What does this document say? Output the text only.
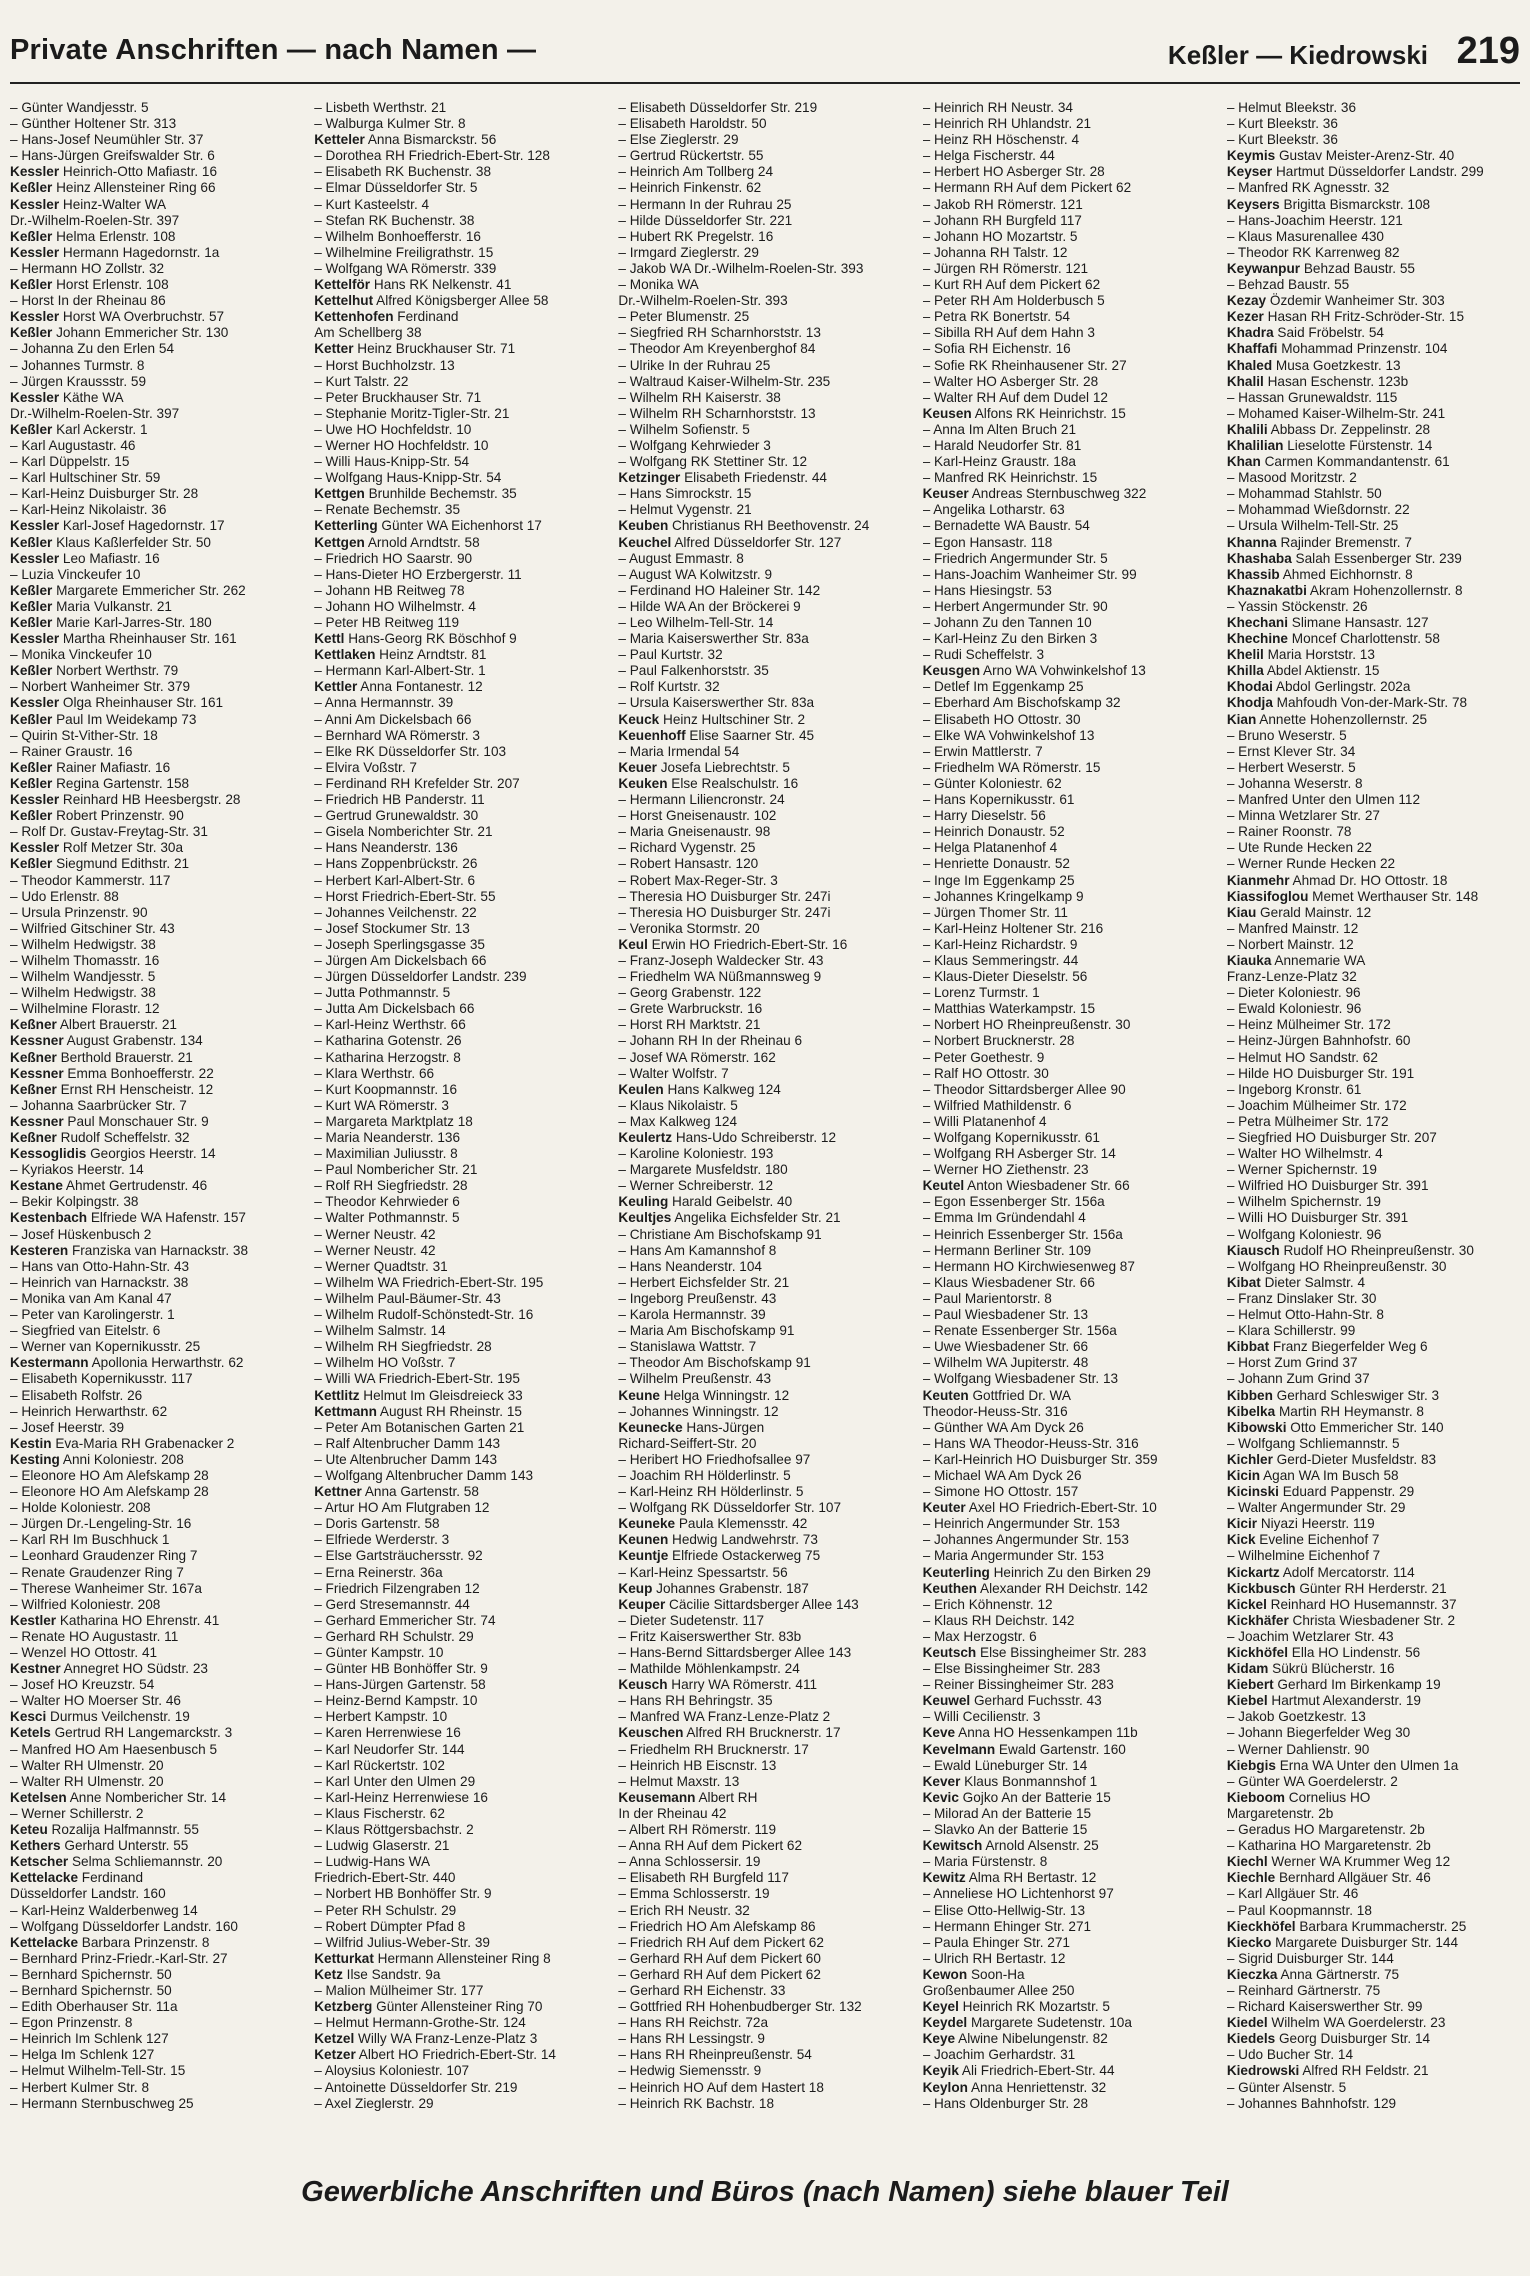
Private Anschriften — nach Namen —	Keßler — Kiedrowski 219
– Günter Wandjesstr. 5
– Günther Holtener Str. 313
– Hans-Josef Neumühler Str. 37
– Hans-Jürgen Greifswalder Str. 6
Kessler Heinrich-Otto Mafiastr. 16
Keßler Heinz Allensteiner Ring 66
Kessler Heinz-Walter WA
Dr.-Wilhelm-Roelen-Str. 397
Keßler Helma Erlenstr. 108
Kessler Hermann Hagedornstr. 1a
– Hermann HO Zollstr. 32
Keßler Horst Erlenstr. 108
– Horst In der Rheinau 86
Kessler Horst WA Overbruchstr. 57
Keßler Johann Emmericher Str. 130
– Johanna Zu den Erlen 54
– Johannes Turmstr. 8
– Jürgen Kraussstr. 59
Kessler Käthe WA
Dr.-Wilhelm-Roelen-Str. 397
Keßler Karl Ackerstr. 1
– Karl Augustastr. 46
– Karl Düppelstr. 15
– Karl Hultschiner Str. 59
– Karl-Heinz Duisburger Str. 28
– Karl-Heinz Nikolaistr. 36
Kessler Karl-Josef Hagedornstr. 17
Keßler Klaus Kaßlerfelder Str. 50
Kessler Leo Mafiastr. 16
– Luzia Vinckeufer 10
Keßler Margarete Emmericher Str. 262
Keßler Maria Vulkanstr. 21
Keßler Marie Karl-Jarres-Str. 180
Kessler Martha Rheinhauser Str. 161
– Monika Vinckeufer 10
Keßler Norbert Werthstr. 79
– Norbert Wanheimer Str. 379
Kessler Olga Rheinhauser Str. 161
Keßler Paul Im Weidekamp 73
– Quirin St-Vither-Str. 18
– Rainer Graustr. 16
Keßler Rainer Mafiastr. 16
Keßler Regina Gartenstr. 158
Kessler Reinhard HB Heesbergstr. 28
Keßler Robert Prinzenstr. 90
– Rolf Dr. Gustav-Freytag-Str. 31
Kessler Rolf Metzer Str. 30a
Keßler Siegmund Edithstr. 21
– Theodor Kammerstr. 117
– Udo Erlenstr. 88
– Ursula Prinzenstr. 90
– Wilfried Gitschiner Str. 43
– Wilhelm Hedwigstr. 38
– Wilhelm Thomasstr. 16
– Wilhelm Wandjesstr. 5
– Wilhelm Hedwigstr. 38
– Wilhelmine Florastr. 12
Keßner Albert Brauerstr. 21
Kessner August Grabenstr. 134
Keßner Berthold Brauerstr. 21
Kessner Emma Bonhoefferstr. 22
Keßner Ernst RH Henscheistr. 12
– Johanna Saarbrücker Str. 7
Kessner Paul Monschauer Str. 9
Keßner Rudolf Scheffelstr. 32
Kessoglidis Georgios Heerstr. 14
– Kyriakos Heerstr. 14
Kestane Ahmet Gertrudenstr. 46
– Bekir Kolpingstr. 38
Kestenbach Elfriede WA Hafenstr. 157
– Josef Hüskenbusch 2
Kesteren Franziska van Harnackstr. 38
– Hans van Otto-Hahn-Str. 43
– Heinrich van Harnackstr. 38
– Monika van Am Kanal 47
– Peter van Karolingerstr. 1
– Siegfried van Eitelstr. 6
– Werner van Kopernikusstr. 25
Kestermann Apollonia Herwarthstr. 62
– Elisabeth Kopernikusstr. 117
– Elisabeth Rolfstr. 26
– Heinrich Herwarthstr. 62
– Josef Heerstr. 39
Kestin Eva-Maria RH Grabenacker 2
Kesting Anni Koloniestr. 208
– Eleonore HO Am Alefskamp 28
– Eleonore HO Am Alefskamp 28
– Holde Koloniestr. 208
– Jürgen Dr.-Lengeling-Str. 16
– Karl RH Im Buschhuck 1
– Leonhard Graudenzer Ring 7
– Renate Graudenzer Ring 7
– Therese Wanheimer Str. 167a
– Wilfried Koloniestr. 208
Kestler Katharina HO Ehrenstr. 41
– Renate HO Augustastr. 11
– Wenzel HO Ottostr. 41
Kestner Annegret HO Südstr. 23
– Josef HO Kreuzstr. 54
– Walter HO Moerser Str. 46
Kesci Durmus Veilchenstr. 19
Ketels Gertrud RH Langemarckstr. 3
– Manfred HO Am Haesenbusch 5
– Walter RH Ulmenstr. 20
– Walter RH Ulmenstr. 20
Ketelsen Anne Nombericher Str. 14
– Werner Schillerstr. 2
Keteu Rozalija Halfmannstr. 55
Kethers Gerhard Unterstr. 55
Ketscher Selma Schliemannstr. 20
Kettelacke Ferdinand
Düsseldorfer Landstr. 160
– Karl-Heinz Walderbenweg 14
– Wolfgang Düsseldorfer Landstr. 160
Kettelacke Barbara Prinzenstr. 8
– Bernhard Prinz-Friedr.-Karl-Str. 27
– Bernhard Spichernstr. 50
– Bernhard Spichernstr. 50
– Edith Oberhauser Str. 11a
– Egon Prinzenstr. 8
– Heinrich Im Schlenk 127
– Helga Im Schlenk 127
– Helmut Wilhelm-Tell-Str. 15
– Herbert Kulmer Str. 8
– Hermann Sternbuschweg 25
– Lisbeth Werthstr. 21
– Walburga Kulmer Str. 8
Ketteler Anna Bismarckstr. 56
– Dorothea RH Friedrich-Ebert-Str. 128
– Elisabeth RK Buchenstr. 38
– Elmar Düsseldorfer Str. 5
– Kurt Kasteelstr. 4
– Stefan RK Buchenstr. 38
– Wilhelm Bonhoefferstr. 16
– Wilhelmine Freiligrathstr. 15
– Wolfgang WA Römerstr. 339
Kettelför Hans RK Nelkenstr. 41
Kettelhut Alfred Königsberger Allee 58
Kettenhofen Ferdinand
Am Schellberg 38
Ketter Heinz Bruckhauser Str. 71
– Horst Buchholzstr. 13
– Kurt Talstr. 22
– Peter Bruckhauser Str. 71
– Stephanie Moritz-Tigler-Str. 21
– Uwe HO Hochfeldstr. 10
– Werner HO Hochfeldstr. 10
– Willi Haus-Knipp-Str. 54
– Wolfgang Haus-Knipp-Str. 54
Kettgen Brunhilde Bechemstr. 35
– Renate Bechemstr. 35
Ketterling Günter WA Eichenhorst 17
Kettgen Arnold Arndtstr. 58
– Friedrich HO Saarstr. 90
– Hans-Dieter HO Erzbergerstr. 11
– Johann HB Reitweg 78
– Johann HO Wilhelmstr. 4
– Peter HB Reitweg 119
Kettl Hans-Georg RK Böschhof 9
Kettlaken Heinz Arndtstr. 81
– Hermann Karl-Albert-Str. 1
Kettler Anna Fontanestr. 12
– Anna Hermannstr. 39
– Anni Am Dickelsbach 66
– Bernhard WA Römerstr. 3
– Elke RK Düsseldorfer Str. 103
– Elvira Voßstr. 7
– Ferdinand RH Krefelder Str. 207
– Friedrich HB Panderstr. 11
– Gertrud Grunewaldstr. 30
– Gisela Nomberichter Str. 21
– Hans Neanderstr. 136
– Hans Zoppenbrückstr. 26
– Herbert Karl-Albert-Str. 6
– Horst Friedrich-Ebert-Str. 55
– Johannes Veilchenstr. 22
– Josef Stockumer Str. 13
– Joseph Sperlingsgasse 35
– Jürgen Am Dickelsbach 66
– Jürgen Düsseldorfer Landstr. 239
– Jutta Pothmannstr. 5
– Jutta Am Dickelsbach 66
– Karl-Heinz Werthstr. 66
– Katharina Gotenstr. 26
– Katharina Herzogstr. 8
– Klara Werthstr. 66
– Kurt Koopmannstr. 16
– Kurt WA Römerstr. 3
– Margareta Marktplatz 18
– Maria Neanderstr. 136
– Maximilian Juliusstr. 8
– Paul Nombericher Str. 21
– Rolf RH Siegfriedstr. 28
– Theodor Kehrwieder 6
– Walter Pothmannstr. 5
– Werner Neustr. 42
– Werner Neustr. 42
– Werner Quadtstr. 31
– Wilhelm WA Friedrich-Ebert-Str. 195
– Wilhelm Paul-Bäumer-Str. 43
– Wilhelm Rudolf-Schönstedt-Str. 16
– Wilhelm Salmstr. 14
– Wilhelm RH Siegfriedstr. 28
– Wilhelm HO Voßstr. 7
– Willi WA Friedrich-Ebert-Str. 195
Kettlitz Helmut Im Gleisdreieck 33
Kettmann August RH Rheinstr. 15
– Peter Am Botanischen Garten 21
– Ralf Altenbrucher Damm 143
– Ute Altenbrucher Damm 143
– Wolfgang Altenbrucher Damm 143
Kettner Anna Gartenstr. 58
– Artur HO Am Flutgraben 12
– Doris Gartenstr. 58
– Elfriede Werderstr. 3
– Else Gartsträuchersstr. 92
– Erna Reinerstr. 36a
– Friedrich Filzengraben 12
– Gerd Stresemannstr. 44
– Gerhard Emmericher Str. 74
– Gerhard RH Schulstr. 29
– Günter Kampstr. 10
– Günter HB Bonhöffer Str. 9
– Hans-Jürgen Gartenstr. 58
– Heinz-Bernd Kampstr. 10
– Herbert Kampstr. 10
– Karen Herrenwiese 16
– Karl Neudorfer Str. 144
– Karl Rückertstr. 102
– Karl Unter den Ulmen 29
– Karl-Heinz Herrenwiese 16
– Klaus Fischerstr. 62
– Klaus Röttgersbachstr. 2
– Ludwig Glaserstr. 21
– Ludwig-Hans WA
Friedrich-Ebert-Str. 440
– Norbert HB Bonhöffer Str. 9
– Peter RH Schulstr. 29
– Robert Dümpter Pfad 8
– Wilfrid Julius-Weber-Str. 39
Ketturkat Hermann Allensteiner Ring 8
Ketz Ilse Sandstr. 9a
– Malion Mülheimer Str. 177
Ketzberg Günter Allensteiner Ring 70
– Helmut Hermann-Grothe-Str. 124
Ketzel Willy WA Franz-Lenze-Platz 3
Ketzer Albert HO Friedrich-Ebert-Str. 14
– Aloysius Koloniestr. 107
– Antoinette Düsseldorfer Str. 219
– Axel Zieglerstr. 29
– Elisabeth Düsseldorfer Str. 219
– Elisabeth Haroldstr. 50
– Else Zieglerstr. 29
– Gertrud Rückertstr. 55
– Heinrich Am Tollberg 24
– Heinrich Finkenstr. 62
– Hermann In der Ruhrau 25
– Hilde Düsseldorfer Str. 221
– Hubert RK Pregelstr. 16
– Irmgard Zieglerstr. 29
– Jakob WA Dr.-Wilhelm-Roelen-Str. 393
– Monika WA
Dr.-Wilhelm-Roelen-Str. 393
– Peter Blumenstr. 25
– Siegfried RH Scharnhorststr. 13
– Theodor Am Kreyenberghof 84
– Ulrike In der Ruhrau 25
– Waltraud Kaiser-Wilhelm-Str. 235
– Wilhelm RH Kaiserstr. 38
– Wilhelm RH Scharnhorststr. 13
– Wilhelm Sofienstr. 5
– Wolfgang Kehrwieder 3
– Wolfgang RK Stettiner Str. 12
Ketzinger Elisabeth Friedenstr. 44
– Hans Simrockstr. 15
– Helmut Vygenstr. 21
Keuben Christianus RH Beethovenstr. 24
Keuchel Alfred Düsseldorfer Str. 127
– August Emmastr. 8
– August WA Kolwitzstr. 9
– Ferdinand HO Haleiner Str. 142
– Hilde WA An der Bröckerei 9
– Leo Wilhelm-Tell-Str. 14
– Maria Kaiserswerther Str. 83a
– Paul Kurtstr. 32
– Paul Falkenhorststr. 35
– Rolf Kurtstr. 32
– Ursula Kaiserswerther Str. 83a
Keuck Heinz Hultschiner Str. 2
Keuenhoff Elise Saarner Str. 45
– Maria Irmendal 54
Keuer Josefa Liebrechtstr. 5
Keuken Else Realschulstr. 16
– Hermann Liliencronstr. 24
– Horst Gneisenaustr. 102
– Maria Gneisenaustr. 98
– Richard Vygenstr. 25
– Robert Hansastr. 120
– Robert Max-Reger-Str. 3
– Theresia HO Duisburger Str. 247i
– Theresia HO Duisburger Str. 247i
– Veronika Stormstr. 20
Keul Erwin HO Friedrich-Ebert-Str. 16
– Franz-Joseph Waldecker Str. 43
– Friedhelm WA Nüßmannsweg 9
– Georg Grabenstr. 122
– Grete Warbruckstr. 16
– Horst RH Marktstr. 21
– Johann RH In der Rheinau 6
– Josef WA Römerstr. 162
– Walter Wolfstr. 7
Keulen Hans Kalkweg 124
– Klaus Nikolaistr. 5
– Max Kalkweg 124
Keulertz Hans-Udo Schreiberstr. 12
– Karoline Koloniestr. 193
– Margarete Musfeldstr. 180
– Werner Schreiberstr. 12
Keuling Harald Geibelstr. 40
Keultjes Angelika Eichsfelder Str. 21
– Christiane Am Bischofskamp 91
– Hans Am Kamannshof 8
– Hans Neanderstr. 104
– Herbert Eichsfelder Str. 21
– Ingeborg Preußenstr. 43
– Karola Hermannstr. 39
– Maria Am Bischofskamp 91
– Stanislawa Wattstr. 7
– Theodor Am Bischofskamp 91
– Wilhelm Preußenstr. 43
Keune Helga Winningstr. 12
– Johannes Winningstr. 12
Keunecke Hans-Jürgen
Richard-Seiffert-Str. 20
– Heribert HO Friedhofsallee 97
– Joachim RH Hölderlinstr. 5
– Karl-Heinz RH Hölderlinstr. 5
– Wolfgang RK Düsseldorfer Str. 107
Keuneke Paula Klemensstr. 42
Keunen Hedwig Landwehrstr. 73
Keuntje Elfriede Ostackerweg 75
– Karl-Heinz Spessartstr. 56
Keup Johannes Grabenstr. 187
Keuper Cäcilie Sittardsberger Allee 143
– Dieter Sudetenstr. 117
– Fritz Kaiserswerther Str. 83b
– Hans-Bernd Sittardsberger Allee 143
– Mathilde Möhlenkampstr. 24
Keusch Harry WA Römerstr. 411
– Hans RH Behringstr. 35
– Manfred WA Franz-Lenze-Platz 2
Keuschen Alfred RH Brucknerstr. 17
– Friedhelm RH Brucknerstr. 17
– Heinrich HB Eiscnstr. 13
– Helmut Maxstr. 13
Keusemann Albert RH
In der Rheinau 42
– Albert RH Römerstr. 119
– Anna RH Auf dem Pickert 62
– Anna Schlossersir. 19
– Elisabeth RH Burgfeld 117
– Emma Schlosserstr. 19
– Erich RH Neustr. 32
– Friedrich HO Am Alefskamp 86
– Friedrich RH Auf dem Pickert 62
– Gerhard RH Auf dem Pickert 60
– Gerhard RH Auf dem Pickert 62
– Gerhard RH Eichenstr. 33
– Gottfried RH Hohenbudberger Str. 132
– Hans RH Reichstr. 72a
– Hans RH Lessingstr. 9
– Hans RH Rheinpreußenstr. 54
– Hedwig Siemensstr. 9
– Heinrich HO Auf dem Hastert 18
– Heinrich RK Bachstr. 18
– Heinrich RH Neustr. 34
– Heinrich RH Uhlandstr. 21
– Heinz RH Höschenstr. 4
– Helga Fischerstr. 44
– Herbert HO Asberger Str. 28
– Hermann RH Auf dem Pickert 62
– Jakob RH Römerstr. 121
– Johann RH Burgfeld 117
– Johann HO Mozartstr. 5
– Johanna RH Talstr. 12
– Jürgen RH Römerstr. 121
– Kurt RH Auf dem Pickert 62
– Peter RH Am Holderbusch 5
– Petra RK Bonertstr. 54
– Sibilla RH Auf dem Hahn 3
– Sofia RH Eichenstr. 16
– Sofie RK Rheinhausener Str. 27
– Walter HO Asberger Str. 28
– Walter RH Auf dem Dudel 12
Keusen Alfons RK Heinrichstr. 15
– Anna Im Alten Bruch 21
– Harald Neudorfer Str. 81
– Karl-Heinz Graustr. 18a
– Manfred RK Heinrichstr. 15
Keuser Andreas Sternbuschweg 322
– Angelika Lotharstr. 63
– Bernadette WA Baustr. 54
– Egon Hansastr. 118
– Friedrich Angermunder Str. 5
– Hans-Joachim Wanheimer Str. 99
– Hans Hiesingstr. 53
– Herbert Angermunder Str. 90
– Johann Zu den Tannen 10
– Karl-Heinz Zu den Birken 3
– Rudi Scheffelstr. 3
Keusgen Arno WA Vohwinkelshof 13
– Detlef Im Eggenkamp 25
– Eberhard Am Bischofskamp 32
– Elisabeth HO Ottostr. 30
– Elke WA Vohwinkelshof 13
– Erwin Mattlerstr. 7
– Friedhelm WA Römerstr. 15
– Günter Koloniestr. 62
– Hans Kopernikusstr. 61
– Harry Dieselstr. 56
– Heinrich Donaustr. 52
– Helga Platanenhof 4
– Henriette Donaustr. 52
– Inge Im Eggenkamp 25
– Johannes Kringelkamp 9
– Jürgen Thomer Str. 11
– Karl-Heinz Holtener Str. 216
– Karl-Heinz Richardstr. 9
– Klaus Semmeringstr. 44
– Klaus-Dieter Dieselstr. 56
– Lorenz Turmstr. 1
– Matthias Waterkampstr. 15
– Norbert HO Rheinpreußenstr. 30
– Norbert Brucknerstr. 28
– Peter Goethestr. 9
– Ralf HO Ottostr. 30
– Theodor Sittardsberger Allee 90
– Wilfried Mathildenstr. 6
– Willi Platanenhof 4
– Wolfgang Kopernikusstr. 61
– Wolfgang RH Asberger Str. 14
– Werner HO Ziethenstr. 23
Keutel Anton Wiesbadener Str. 66
– Egon Essenberger Str. 156a
– Emma Im Gründendahl 4
– Heinrich Essenberger Str. 156a
– Hermann Berliner Str. 109
– Hermann HO Kirchwiesenweg 87
– Klaus Wiesbadener Str. 66
– Paul Marientorstr. 8
– Paul Wiesbadener Str. 13
– Renate Essenberger Str. 156a
– Uwe Wiesbadener Str. 66
– Wilhelm WA Jupiterstr. 48
– Wolfgang Wiesbadener Str. 13
Keuten Gottfried Dr. WA
Theodor-Heuss-Str. 316
– Günther WA Am Dyck 26
– Hans WA Theodor-Heuss-Str. 316
– Karl-Heinrich HO Duisburger Str. 359
– Michael WA Am Dyck 26
– Simone HO Ottostr. 157
Keuter Axel HO Friedrich-Ebert-Str. 10
– Heinrich Angermunder Str. 153
– Johannes Angermunder Str. 153
– Maria Angermunder Str. 153
Keuterling Heinrich Zu den Birken 29
Keuthen Alexander RH Deichstr. 142
– Erich Köhnenstr. 12
– Klaus RH Deichstr. 142
– Max Herzogstr. 6
Keutsch Else Bissingheimer Str. 283
– Else Bissingheimer Str. 283
– Reiner Bissingheimer Str. 283
Keuwel Gerhard Fuchsstr. 43
– Willi Cecilienstr. 3
Keve Anna HO Hessenkampen 11b
Kevelmann Ewald Gartenstr. 160
– Ewald Lüneburger Str. 14
Kever Klaus Bonmannshof 1
Kevic Gojko An der Batterie 15
– Milorad An der Batterie 15
– Slavko An der Batterie 15
Kewitsch Arnold Alsenstr. 25
– Maria Fürstenstr. 8
Kewitz Alma RH Bertastr. 12
– Anneliese HO Lichtenhorst 97
– Elise Otto-Hellwig-Str. 13
– Hermann Ehinger Str. 271
– Paula Ehinger Str. 271
– Ulrich RH Bertastr. 12
Kewon Soon-Ha
Großenbaumer Allee 250
Keyel Heinrich RK Mozartstr. 5
Keydel Margarete Sudetenstr. 10a
Keye Alwine Nibelungenstr. 82
– Joachim Gerhardstr. 31
Keyik Ali Friedrich-Ebert-Str. 44
Keylon Anna Henriettenstr. 32
– Hans Oldenburger Str. 28
– Helmut Bleekstr. 36
– Kurt Bleekstr. 36
– Kurt Bleekstr. 36
Keymis Gustav Meister-Arenz-Str. 40
Keyser Hartmut Düsseldorfer Landstr. 299
– Manfred RK Agnesstr. 32
Keysers Brigitta Bismarckstr. 108
– Hans-Joachim Heerstr. 121
– Klaus Masurenallee 430
– Theodor RK Karrenweg 82
Keywanpur Behzad Baustr. 55
– Behzad Baustr. 55
Kezay Özdemir Wanheimer Str. 303
Kezer Hasan RH Fritz-Schröder-Str. 15
Khadra Said Fröbelstr. 54
Khaffafi Mohammad Prinzenstr. 104
Khaled Musa Goetzkestr. 13
Khalil Hasan Eschenstr. 123b
– Hassan Grunewaldstr. 115
– Mohamed Kaiser-Wilhelm-Str. 241
Khalili Abbass Dr. Zeppelinstr. 28
Khalilian Lieselotte Fürstenstr. 14
Khan Carmen Kommandantenstr. 61
– Masood Moritzstr. 2
– Mohammad Stahlstr. 50
– Mohammad Wießdornstr. 22
– Ursula Wilhelm-Tell-Str. 25
Khanna Rajinder Bremenstr. 7
Khashaba Salah Essenberger Str. 239
Khassib Ahmed Eichhornstr. 8
Khaznakatbi Akram Hohenzollernstr. 8
– Yassin Stöckenstr. 26
Khechani Slimane Hansastr. 127
Khechine Moncef Charlottenstr. 58
Khelil Maria Horststr. 13
Khilla Abdel Aktienstr. 15
Khodai Abdol Gerlingstr. 202a
Khodja Mahfoudh Von-der-Mark-Str. 78
Kian Annette Hohenzollernstr. 25
– Bruno Weserstr. 5
– Ernst Klever Str. 34
– Herbert Weserstr. 5
– Johanna Weserstr. 8
– Manfred Unter den Ulmen 112
– Minna Wetzlarer Str. 27
– Rainer Roonstr. 78
– Ute Runde Hecken 22
– Werner Runde Hecken 22
Kianmehr Ahmad Dr. HO Ottostr. 18
Kiassifoglou Memet Werthauser Str. 148
Kiau Gerald Mainstr. 12
– Manfred Mainstr. 12
– Norbert Mainstr. 12
Kiauka Annemarie WA
Franz-Lenze-Platz 32
– Dieter Koloniestr. 96
– Ewald Koloniestr. 96
– Heinz Mülheimer Str. 172
– Heinz-Jürgen Bahnhofstr. 60
– Helmut HO Sandstr. 62
– Hilde HO Duisburger Str. 191
– Ingeborg Kronstr. 61
– Joachim Mülheimer Str. 172
– Petra Mülheimer Str. 172
– Siegfried HO Duisburger Str. 207
– Walter HO Wilhelmstr. 4
– Werner Spichernstr. 19
– Wilfried HO Duisburger Str. 391
– Wilhelm Spichernstr. 19
– Willi HO Duisburger Str. 391
– Wolfgang Koloniestr. 96
Kiausch Rudolf HO Rheinpreußenstr. 30
– Wolfgang HO Rheinpreußenstr. 30
Kibat Dieter Salmstr. 4
– Franz Dinslaker Str. 30
– Helmut Otto-Hahn-Str. 8
– Klara Schillerstr. 99
Kibbat Franz Biegerfelder Weg 6
– Horst Zum Grind 37
– Johann Zum Grind 37
Kibben Gerhard Schleswiger Str. 3
Kibelka Martin RH Heymanstr. 8
Kibowski Otto Emmericher Str. 140
– Wolfgang Schliemannstr. 5
Kichler Gerd-Dieter Musfeldstr. 83
Kicin Agan WA Im Busch 58
Kicinski Eduard Pappenstr. 29
– Walter Angermunder Str. 29
Kicir Niyazi Heerstr. 119
Kick Eveline Eichenhof 7
– Wilhelmine Eichenhof 7
Kickartz Adolf Mercatorstr. 114
Kickbusch Günter RH Herderstr. 21
Kickel Reinhard HO Husemannstr. 37
Kickhäfer Christa Wiesbadener Str. 2
– Joachim Wetzlarer Str. 43
Kickhöfel Ella HO Lindenstr. 56
Kidam Sükrü Blücherstr. 16
Kiebert Gerhard Im Birkenkamp 19
Kiebel Hartmut Alexanderstr. 19
– Jakob Goetzkestr. 13
– Johann Biegerfelder Weg 30
– Werner Dahlienstr. 90
Kiebgis Erna WA Unter den Ulmen 1a
– Günter WA Goerdelerstr. 2
Kieboom Cornelius HO
Margaretenstr. 2b
– Geradus HO Margaretenstr. 2b
– Katharina HO Margaretenstr. 2b
Kiechl Werner WA Krummer Weg 12
Kiechle Bernhard Allgäuer Str. 46
– Karl Allgäuer Str. 46
– Paul Koopmannstr. 18
Kieckhöfel Barbara Krummacherstr. 25
Kiecko Margarete Duisburger Str. 144
– Sigrid Duisburger Str. 144
Kieczka Anna Gärtnerstr. 75
– Reinhard Gärtnerstr. 75
– Richard Kaiserswerther Str. 99
Kiedel Wilhelm WA Goerdelerstr. 23
Kiedels Georg Duisburger Str. 14
– Udo Bucher Str. 14
Kiedrowski Alfred RH Feldstr. 21
– Günter Alsenstr. 5
– Johannes Bahnhofstr. 129
Gewerbliche Anschriften und Büros (nach Namen) siehe blauer Teil
